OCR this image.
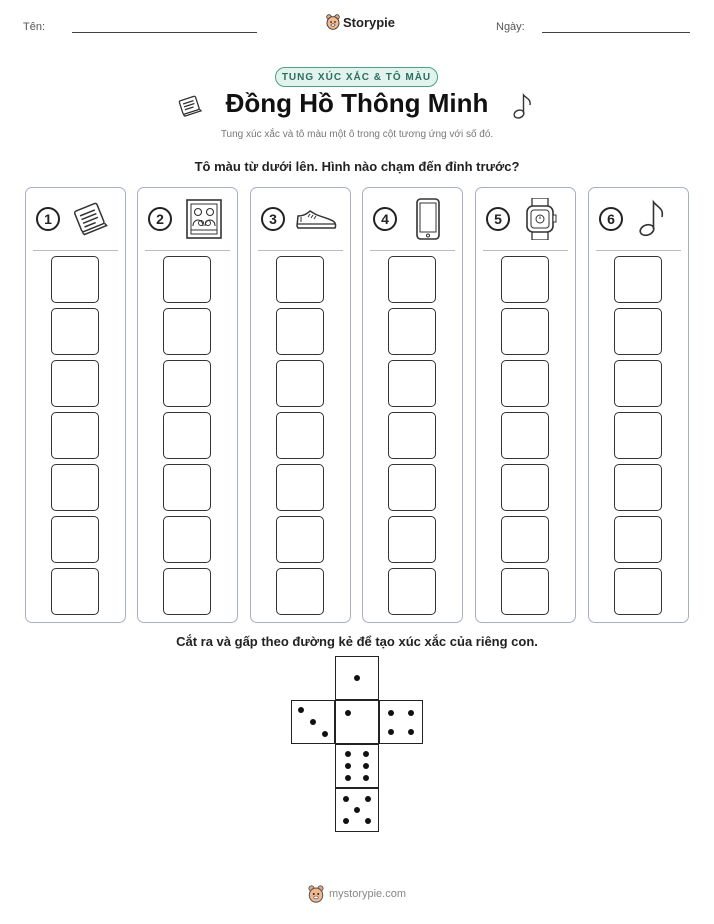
Tên:	Storypie	Ngày:
TUNG XÚC XẮC & TÔ MÀU
Đồng Hồ Thông Minh
Tung xúc xắc và tô màu một ô trong cột tương ứng với số đó.
Tô màu từ dưới lên. Hình nào chạm đến đỉnh trước?
1	2	3	4	5	6
Cắt ra và gấp theo đường kẻ để tạo xúc xắc của riêng con.
mystorypie.com
